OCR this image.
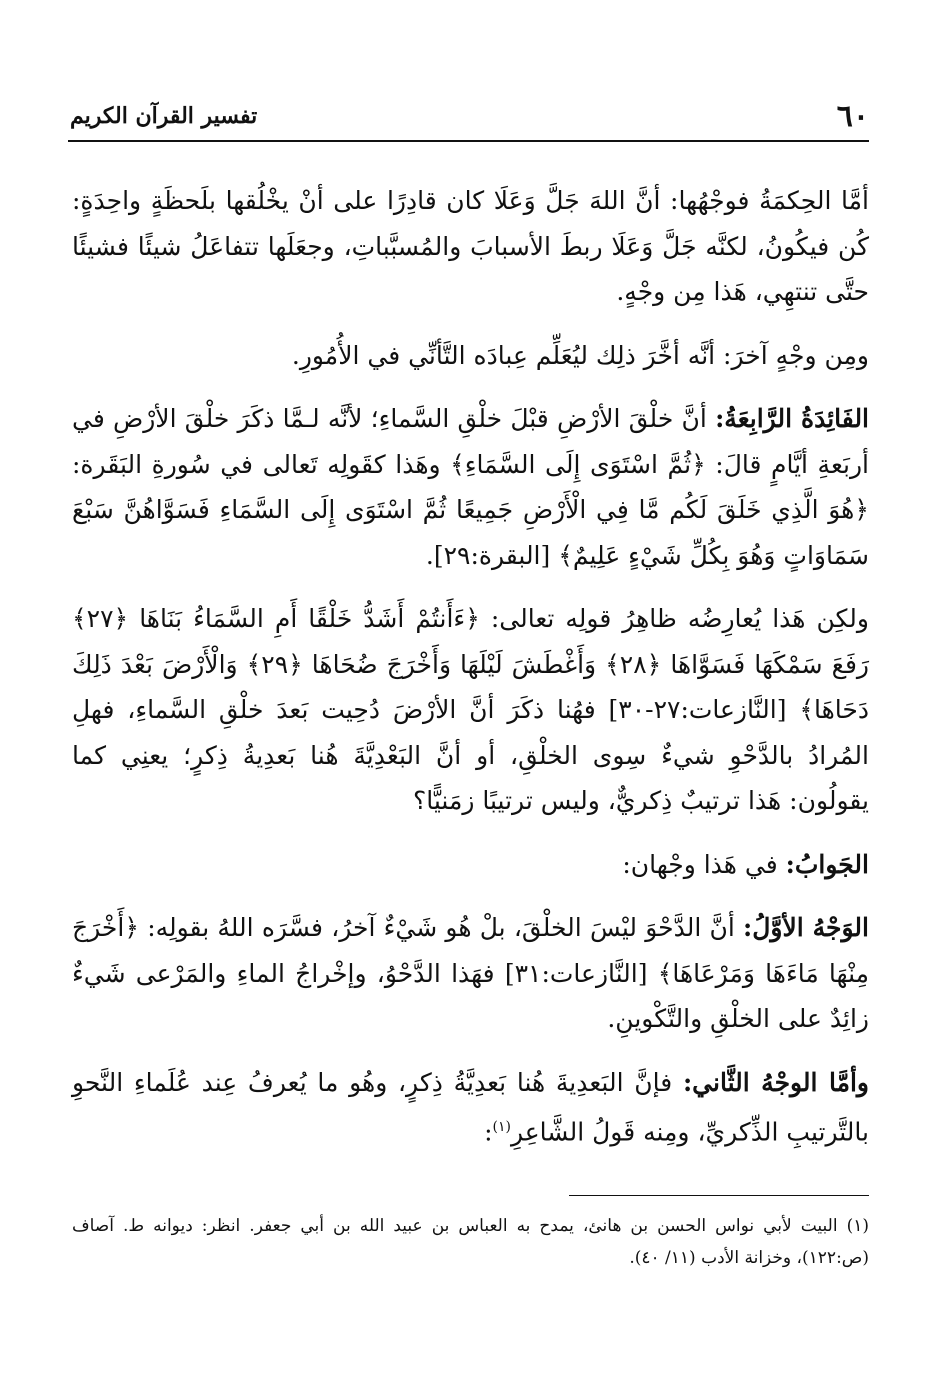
٦٠
تفسير القرآن الكريم

أمَّا الحِكمَةُ فوجْهُها: أنَّ اللهَ جَلَّ وَعَلَا كان قادِرًا على أنْ يخْلُقها بلَحظَةٍ واحِدَةٍ: كُن فيكُونُ، لكنَّه جَلَّ وَعَلَا ربطَ الأسبابَ والمُسبَّباتِ، وجعَلَها تتفاعَلُ شيئًا فشيئًا حتَّى تنتهِي، هَذا مِن وجْهٍ.

ومِن وجْهٍ آخرَ: أنَّه أخَّرَ ذلِك ليُعَلِّم عِبادَه التَّأنِّي في الأُمُورِ.

الفَائِدَةُ الرَّابِعَةُ: أنَّ خلْقَ الأرْضِ قبْلَ خلْقِ السَّماءِ؛ لأنَّه لـمَّا ذكَرَ خلْقَ الأرْضِ في أربَعةِ أيَّامٍ قالَ: ﴿ثُمَّ اسْتَوَى إِلَى السَّمَاءِ﴾ وهَذا كقَولِه تَعالى في سُورةِ البَقَرة: ﴿هُوَ الَّذِي خَلَقَ لَكُم مَّا فِي الْأَرْضِ جَمِيعًا ثُمَّ اسْتَوَى إِلَى السَّمَاءِ فَسَوَّاهُنَّ سَبْعَ سَمَاوَاتٍ وَهُوَ بِكُلِّ شَيْءٍ عَلِيمٌ﴾ [البقرة:٢٩].

ولكِن هَذا يُعارِضُه ظاهِرُ قولِه تعالى: ﴿ءَأَنتُمْ أَشَدُّ خَلْقًا أَمِ السَّمَاءُ بَنَاهَا ﴿٢٧﴾ رَفَعَ سَمْكَهَا فَسَوَّاهَا ﴿٢٨﴾ وَأَغْطَشَ لَيْلَهَا وَأَخْرَجَ ضُحَاهَا ﴿٢٩﴾ وَالْأَرْضَ بَعْدَ ذَلِكَ دَحَاهَا﴾ [النَّازعات:٢٧-٣٠] فهُنا ذكَرَ أنَّ الأرْضَ دُحِيت بَعدَ خلْقِ السَّماءِ، فهلِ المُرادُ بالدَّحْوِ شيءٌ سِوى الخلْقِ، أو أنَّ البَعْدِيَّةَ هُنا بَعدِيةُ ذِكرٍ؛ يعنِي كما يقولُون: هَذا ترتيبٌ ذِكريٌّ، وليس ترتيبًا زمَنيًّا؟

الجَوابُ: في هَذا وجْهان:

الوَجْهُ الأوَّلُ: أنَّ الدَّحْوَ ليْسَ الخلْقَ، بلْ هُو شَيْءٌ آخرُ، فسَّرَه اللهُ بقولِه: ﴿أَخْرَجَ مِنْهَا مَاءَهَا وَمَرْعَاهَا﴾ [النَّازعات:٣١] فهَذا الدَّحْوُ، وإخْراجُ الماءِ والمَرْعى شَيءٌ زائِدٌ على الخلْقِ والتَّكْوينِ.

وأمَّا الوجْهُ الثَّاني: فإنَّ البَعدِيةَ هُنا بَعدِيَّةُ ذِكرٍ، وهُو ما يُعرفُ عِند عُلَماءِ النَّحوِ بالتَّرتيبِ الذِّكريِّ، ومِنه قَولُ الشَّاعِرِ$^{(١)}$:

(١) البيت لأبي نواس الحسن بن هانئ، يمدح به العباس بن عبيد الله بن أبي جعفر. انظر: ديوانه ط. آصاف (ص:١٢٢)، وخزانة الأدب (١١/ ٤٠).
